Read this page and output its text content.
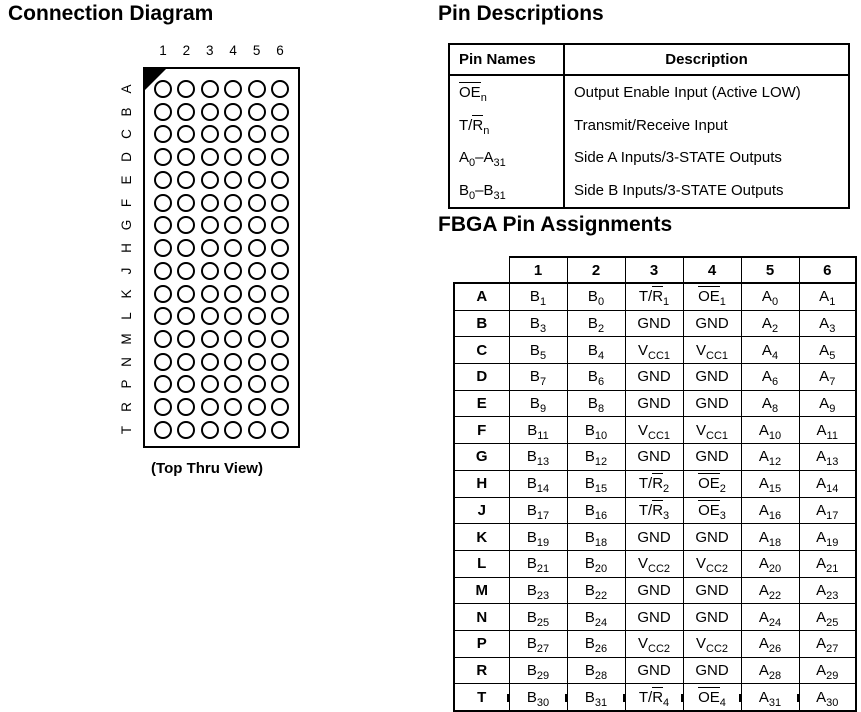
Connection Diagram
1	2	3	4	5	6
A
B
C
D
E
F
G
H
J
K
L
M
N
P
R
T
(Top Thru View)
Pin Descriptions
Pin Names	Description
$OE_n$	Output Enable Input (Active LOW)
$T/R_n$	Transmit/Receive Input
$A_0-A_{31}$	Side A Inputs/3-STATE Outputs
$B_0-B_{31}$	Side B Inputs/3-STATE Outputs
FBGA Pin Assignments
	1	2	3	4	5	6
A	$B_1$	$B_0$	$T/R_1$	$OE_1$	$A_0$	$A_1$
B	$B_3$	$B_2$	GND	GND	$A_2$	$A_3$
C	$B_5$	$B_4$	$V_{CC1}$	$V_{CC1}$	$A_4$	$A_5$
D	$B_7$	$B_6$	GND	GND	$A_6$	$A_7$
E	$B_9$	$B_8$	GND	GND	$A_8$	$A_9$
F	$B_{11}$	$B_{10}$	$V_{CC1}$	$V_{CC1}$	$A_{10}$	$A_{11}$
G	$B_{13}$	$B_{12}$	GND	GND	$A_{12}$	$A_{13}$
H	$B_{14}$	$B_{15}$	$T/R_2$	$OE_2$	$A_{15}$	$A_{14}$
J	$B_{17}$	$B_{16}$	$T/R_3$	$OE_3$	$A_{16}$	$A_{17}$
K	$B_{19}$	$B_{18}$	GND	GND	$A_{18}$	$A_{19}$
L	$B_{21}$	$B_{20}$	$V_{CC2}$	$V_{CC2}$	$A_{20}$	$A_{21}$
M	$B_{23}$	$B_{22}$	GND	GND	$A_{22}$	$A_{23}$
N	$B_{25}$	$B_{24}$	GND	GND	$A_{24}$	$A_{25}$
P	$B_{27}$	$B_{26}$	$V_{CC2}$	$V_{CC2}$	$A_{26}$	$A_{27}$
R	$B_{29}$	$B_{28}$	GND	GND	$A_{28}$	$A_{29}$
T	$B_{30}$	$B_{31}$	$T/R_4$	$OE_4$	$A_{31}$	$A_{30}$
